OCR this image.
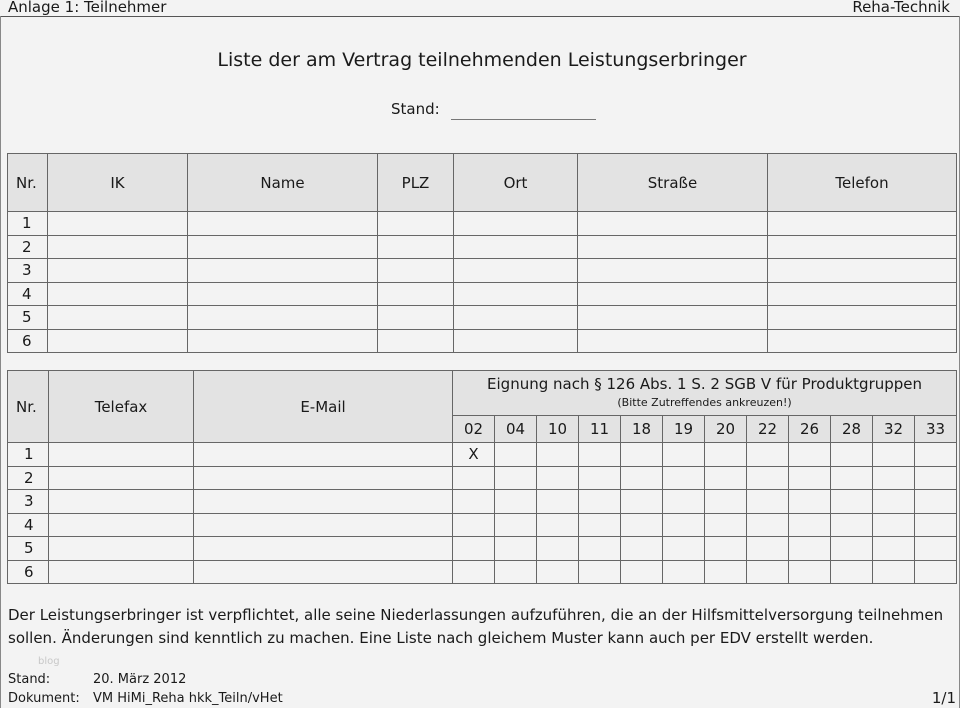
Anlage 1: Teilnehmer	Reha-Technik
Liste der am Vertrag teilnehmenden Leistungserbringer
Stand:
Nr.	IK	Name	PLZ	Ort	Straße	Telefon
1						
2						
3						
4						
5						
6						
Nr.	Telefax	E-Mail	Eignung nach § 126 Abs. 1 S. 2 SGB V für Produktgruppen
(Bitte Zutreffendes ankreuzen!)											

			02	04	10	11	18	19	20	22	26	28	32	33
1			X											
2														
3														
4														
5														
6														
Der Leistungserbringer ist verpflichtet, alle seine Niederlassungen aufzuführen, die an der Hilfsmittelversorgung teilnehmen sollen. Änderungen sind kenntlich zu machen. Eine Liste nach gleichem Muster kann auch per EDV erstellt werden.
blog
Stand:	20. März 2012
Dokument: VM HiMi_Reha hkk_Teiln/vHet	1/1
